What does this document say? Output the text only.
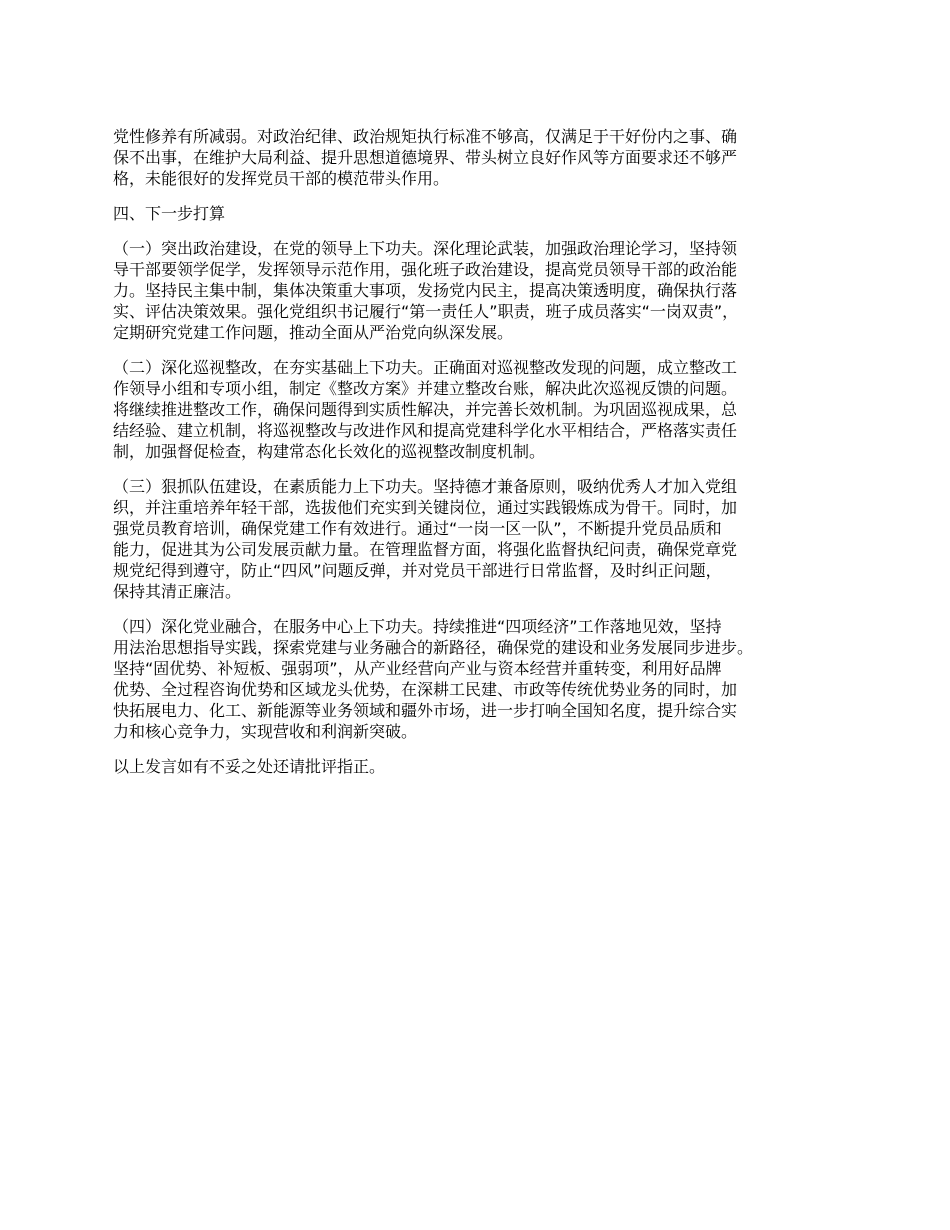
党性修养有所减弱。对政治纪律、政治规矩执行标准不够高，仅满足于干好份内之事、确
保不出事，在维护大局利益、提升思想道德境界、带头树立良好作风等方面要求还不够严
格，未能很好的发挥党员干部的模范带头作用。
四、下一步打算
（一）突出政治建设，在党的领导上下功夫。深化理论武装，加强政治理论学习，坚持领
导干部要领学促学，发挥领导示范作用，强化班子政治建设，提高党员领导干部的政治能
力。坚持民主集中制，集体决策重大事项，发扬党内民主，提高决策透明度，确保执行落
实、评估决策效果。强化党组织书记履行“第一责任人”职责，班子成员落实“一岗双责”，
定期研究党建工作问题，推动全面从严治党向纵深发展。
（二）深化巡视整改，在夯实基础上下功夫。正确面对巡视整改发现的问题，成立整改工
作领导小组和专项小组，制定《整改方案》并建立整改台账，解决此次巡视反馈的问题。
将继续推进整改工作，确保问题得到实质性解决，并完善长效机制。为巩固巡视成果，总
结经验、建立机制，将巡视整改与改进作风和提高党建科学化水平相结合，严格落实责任
制，加强督促检查，构建常态化长效化的巡视整改制度机制。
（三）狠抓队伍建设，在素质能力上下功夫。坚持德才兼备原则，吸纳优秀人才加入党组
织，并注重培养年轻干部，选拔他们充实到关键岗位，通过实践锻炼成为骨干。同时，加
强党员教育培训，确保党建工作有效进行。通过“一岗一区一队”，不断提升党员品质和
能力，促进其为公司发展贡献力量。在管理监督方面，将强化监督执纪问责，确保党章党
规党纪得到遵守，防止“四风”问题反弹，并对党员干部进行日常监督，及时纠正问题，
保持其清正廉洁。
（四）深化党业融合，在服务中心上下功夫。持续推进“四项经济”工作落地见效，坚持
用法治思想指导实践，探索党建与业务融合的新路径，确保党的建设和业务发展同步进步。
坚持“固优势、补短板、强弱项”，从产业经营向产业与资本经营并重转变，利用好品牌
优势、全过程咨询优势和区域龙头优势，在深耕工民建、市政等传统优势业务的同时，加
快拓展电力、化工、新能源等业务领域和疆外市场，进一步打响全国知名度，提升综合实
力和核心竞争力，实现营收和利润新突破。
以上发言如有不妥之处还请批评指正。
